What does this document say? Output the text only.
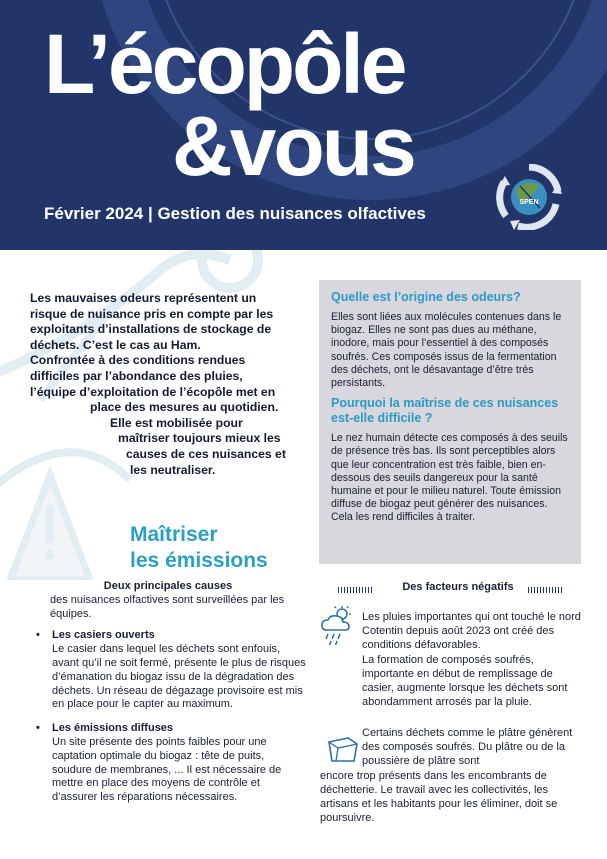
L’écopôle
&vous
Février 2024 | Gestion des nuisances olfactives
SPEN
Les mauvaises odeurs représentent un
risque de nuisance pris en compte par les
exploitants d’installations de stockage de
déchets. C’est le cas au Ham.
Confrontée à des conditions rendues
difficiles par l’abondance des pluies,
l’équipe d’exploitation de l’écopôle met en
place des mesures au quotidien.
Elle est mobilisée pour
maîtriser toujours mieux les
causes de ces nuisances et
les neutraliser.
Maîtriser
les émissions
Quelle est l’origine des odeurs?

Elles sont liées aux molécules contenues dans le biogaz. Elles ne sont pas dues au méthane, inodore, mais pour l’essentiel à des composés soufrés. Ces composés issus de la fermentation des déchets, ont le désavantage d’être très persistants.

Pourquoi la maîtrise de ces nuisances est-elle difficile ?

Le nez humain détecte ces composés à des seuils de présence très bas. Ils sont perceptibles alors que leur concentration est très faible, bien en-dessous des seuils dangereux pour la santé humaine et pour le milieu naturel. Toute émission diffuse de biogaz peut générer des nuisances. Cela les rend difficiles à traiter.

Deux principales causes
des nuisances olfactives sont surveillées par les équipes.
• Les casiers ouverts
Le casier dans lequel les déchets sont enfouis, avant qu’il ne soit fermé, présente le plus de risques d’émanation du biogaz issu de la dégradation des déchets. Un réseau de dégazage provisoire est mis en place pour le capter au maximum.
• Les émissions diffuses
Un site présente des points faibles pour une captation optimale du biogaz : tête de puits, soudure de membranes, ... Il est nécessaire de mettre en place des moyens de contrôle et d’assurer les réparations nécessaires.
Des facteurs négatifs
Les pluies importantes qui ont touché le nord Cotentin depuis août 2023 ont créé des conditions défavorables.
La formation de composés soufrés, importante en début de remplissage de casier, augmente lorsque les déchets sont abondamment arrosés par la pluie.
Certains déchets comme le plâtre génèrent des composés soufrés. Du plâtre ou de la poussière de plâtre sont
encore trop présents dans les encombrants de déchetterie. Le travail avec les collectivités, les artisans et les habitants pour les éliminer, doit se poursuivre.
